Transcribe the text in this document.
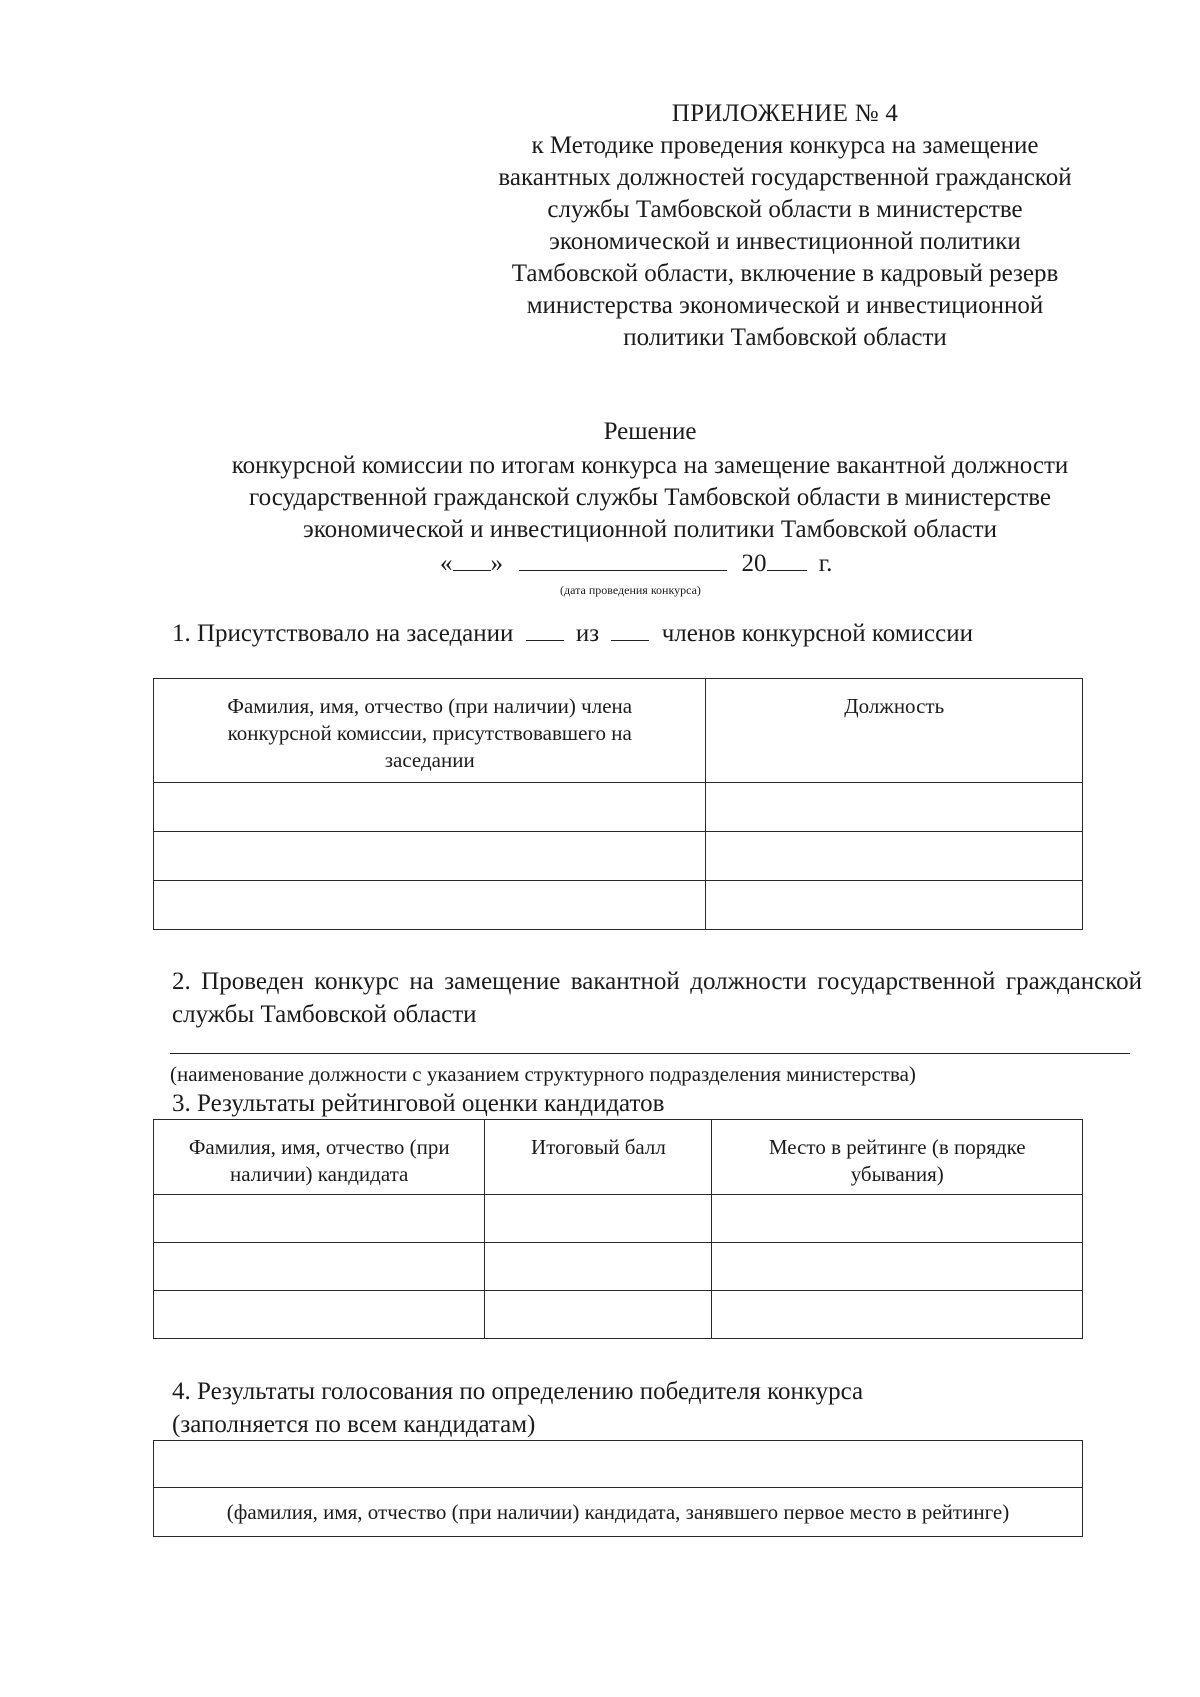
ПРИЛОЖЕНИЕ № 4
к Методике проведения конкурса на замещение
вакантных должностей государственной гражданской
службы Тамбовской области в министерстве
экономической и инвестиционной политики
Тамбовской области, включение в кадровый резерв
министерства экономической и инвестиционной
политики Тамбовской области
Решение
конкурсной комиссии по итогам конкурса на замещение вакантной должности
государственной гражданской службы Тамбовской области в министерстве
экономической и инвестиционной политики Тамбовской области
« »	20 г.
(дата проведения конкурса)
1. Присутствовало на заседании	из	членов конкурсной комиссии
Фамилия, имя, отчество (при наличии) члена конкурсной комиссии, присутствовавшего на заседании	Должность

2. Проведен конкурс на замещение вакантной должности государственной гражданской службы Тамбовской области
(наименование должности с указанием структурного подразделения министерства)
3. Результаты рейтинговой оценки кандидатов
Фамилия, имя, отчество (при наличии) кандидата	Итоговый балл	Место в рейтинге (в порядке убывания)

4. Результаты голосования по определению победителя конкурса
(заполняется по всем кандидатам)

(фамилия, имя, отчество (при наличии) кандидата, занявшего первое место в рейтинге)
